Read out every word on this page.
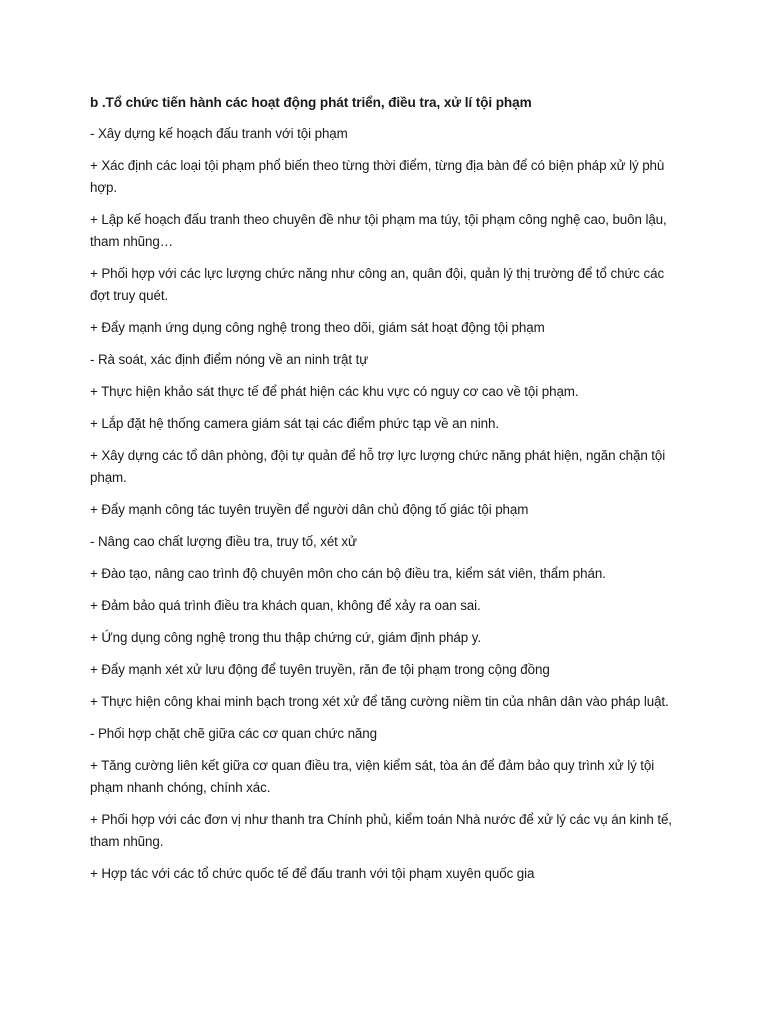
b .Tổ chức tiến hành các hoạt động phát triển, điều tra, xử lí tội phạm

- Xây dựng kế hoạch đấu tranh với tội phạm

+ Xác định các loại tội phạm phổ biến theo từng thời điểm, từng địa bàn để có biện pháp xử lý phù hợp.

+ Lập kế hoạch đấu tranh theo chuyên đề như tội phạm ma túy, tội phạm công nghệ cao, buôn lậu, tham nhũng…

+ Phối hợp với các lực lượng chức năng như công an, quân đội, quản lý thị trường để tổ chức các đợt truy quét.

+ Đẩy mạnh ứng dụng công nghệ trong theo dõi, giám sát hoạt động tội phạm

- Rà soát, xác định điểm nóng về an ninh trật tự

+ Thực hiện khảo sát thực tế để phát hiện các khu vực có nguy cơ cao về tội phạm.

+ Lắp đặt hệ thống camera giám sát tại các điểm phức tạp về an ninh.

+ Xây dựng các tổ dân phòng, đội tự quản để hỗ trợ lực lượng chức năng phát hiện, ngăn chặn tội phạm.

+ Đẩy mạnh công tác tuyên truyền để người dân chủ động tố giác tội phạm

- Nâng cao chất lượng điều tra, truy tố, xét xử

+ Đào tạo, nâng cao trình độ chuyên môn cho cán bộ điều tra, kiểm sát viên, thẩm phán.

+ Đảm bảo quá trình điều tra khách quan, không để xảy ra oan sai.

+ Ứng dụng công nghệ trong thu thập chứng cứ, giám định pháp y.

+ Đẩy mạnh xét xử lưu động để tuyên truyền, răn đe tội phạm trong cộng đồng

+ Thực hiện công khai minh bạch trong xét xử để tăng cường niềm tin của nhân dân vào pháp luật.

- Phối hợp chặt chẽ giữa các cơ quan chức năng

+ Tăng cường liên kết giữa cơ quan điều tra, viện kiểm sát, tòa án để đảm bảo quy trình xử lý tội phạm nhanh chóng, chính xác.

+ Phối hợp với các đơn vị như thanh tra Chính phủ, kiểm toán Nhà nước để xử lý các vụ án kinh tế, tham nhũng.

+ Hợp tác với các tổ chức quốc tế để đấu tranh với tội phạm xuyên quốc gia
